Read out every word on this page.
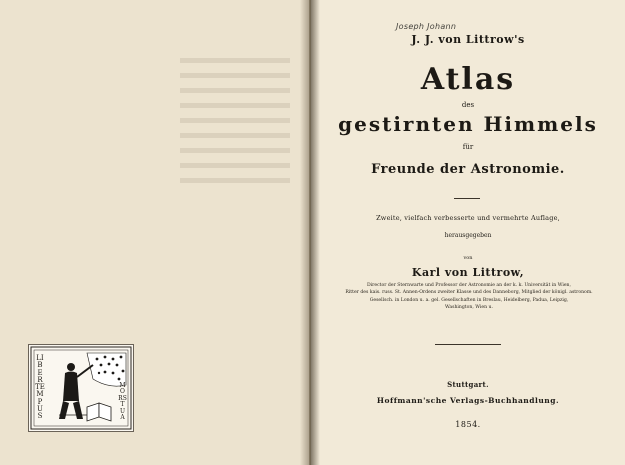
LIBER TEMPUS
MORS TUA
J. J. von Littrow's
Joseph Johann
Atlas
des
gestirnten Himmels
für
Freunde der Astronomie.
Zweite, vielfach verbesserte und vermehrte Auflage,
herausgegeben
von
Karl von Littrow,
Director der Sternwarte und Professor der Astronomie an der k. k. Universität in Wien,
Ritter des kais. russ. St. Annen-Ordens zweiter Klasse und des Danneborg, Mitglied der königl. astronom.
Gesellsch. in London u. a. gel. Gesellschaften in Breslau, Heidelberg, Padua, Leipzig,
Washington, Wien u.
Stuttgart.
Hoffmann'sche Verlags-Buchhandlung.
1854.
